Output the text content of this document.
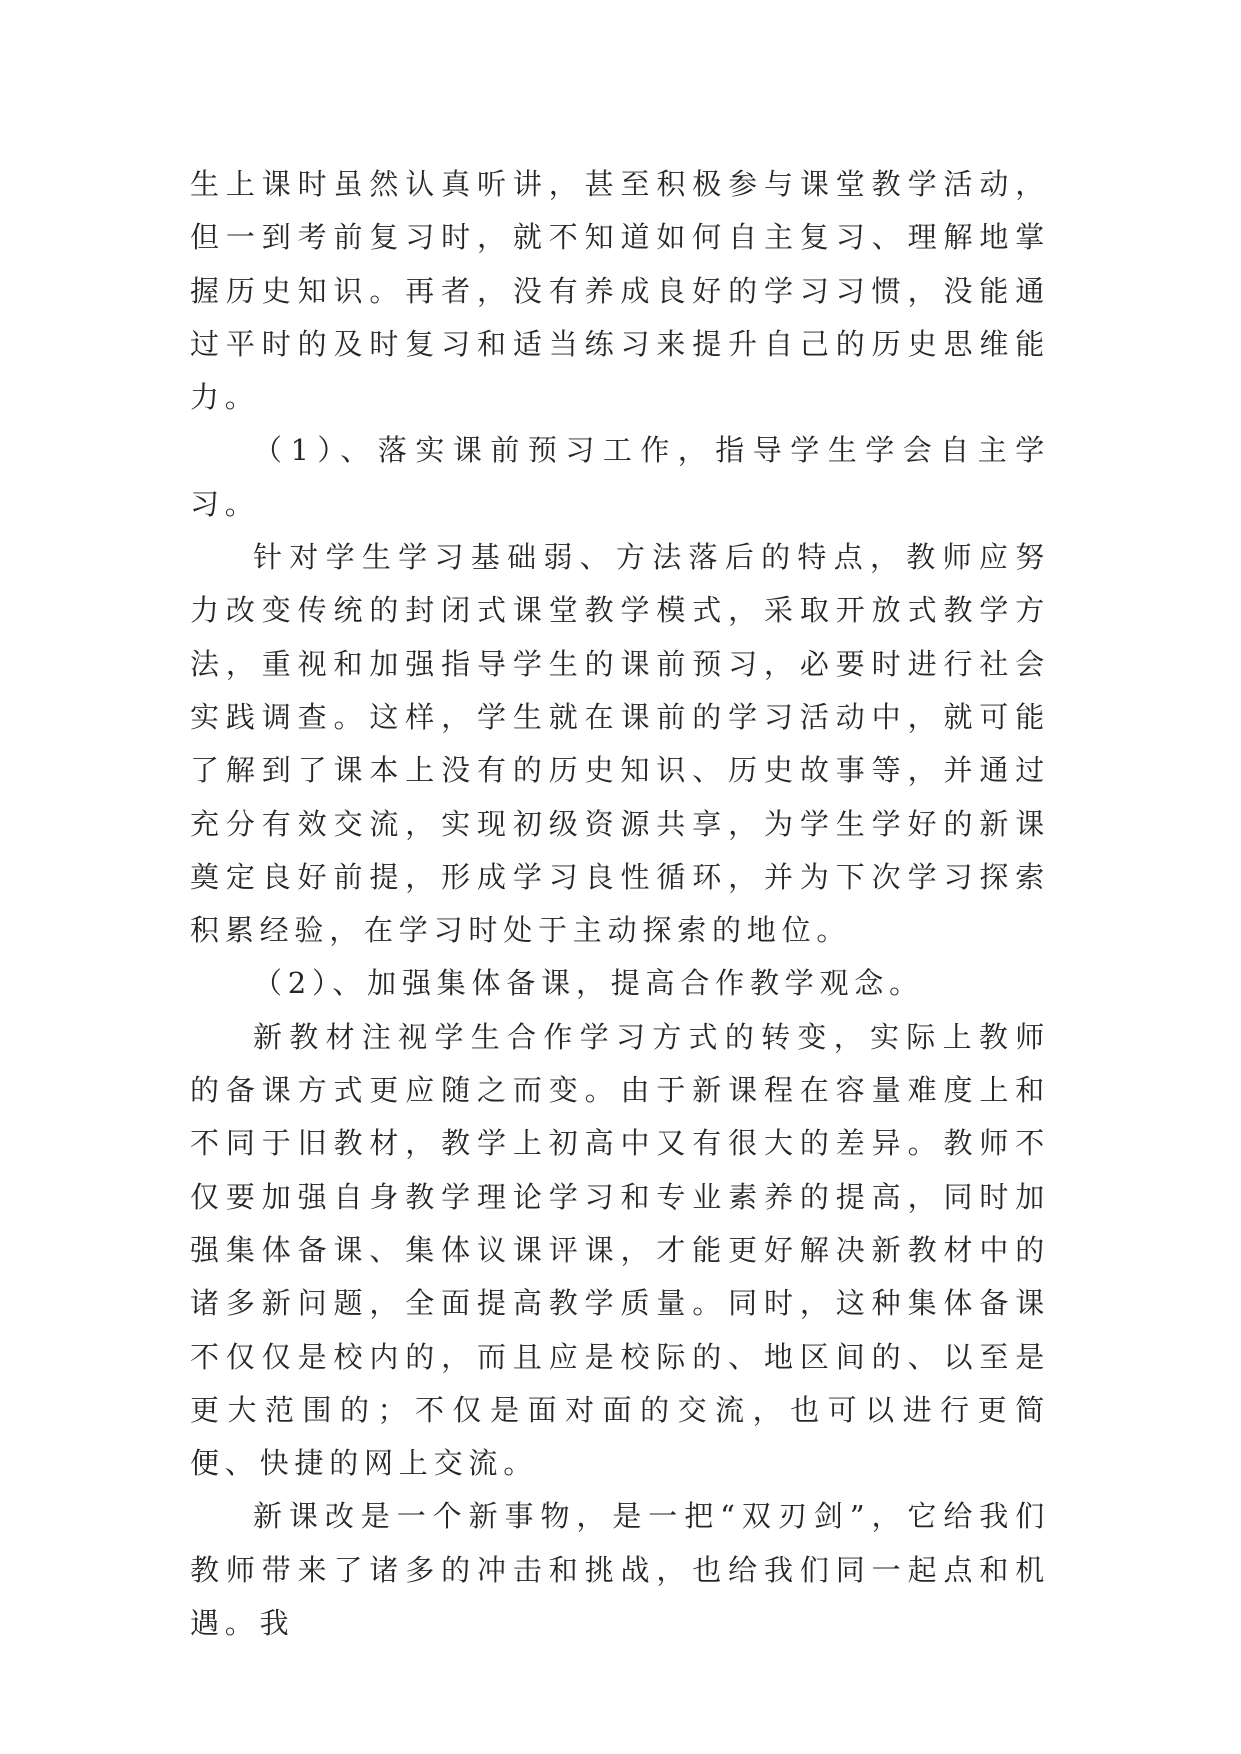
生上课时虽然认真听讲，甚至积极参与课堂教学活动，但一到考前复习时，就不知道如何自主复习、理解地掌握历史知识。再者，没有养成良好的学习习惯，没能通过平时的及时复习和适当练习来提升自己的历史思维能力。

（1）、落实课前预习工作，指导学生学会自主学习。

针对学生学习基础弱、方法落后的特点，教师应努力改变传统的封闭式课堂教学模式，采取开放式教学方法，重视和加强指导学生的课前预习，必要时进行社会实践调查。这样，学生就在课前的学习活动中，就可能了解到了课本上没有的历史知识、历史故事等，并通过充分有效交流，实现初级资源共享，为学生学好的新课奠定良好前提，形成学习良性循环，并为下次学习探索积累经验，在学习时处于主动探索的地位。

（2）、加强集体备课，提高合作教学观念。

新教材注视学生合作学习方式的转变，实际上教师的备课方式更应随之而变。由于新课程在容量难度上和不同于旧教材，教学上初高中又有很大的差异。教师不仅要加强自身教学理论学习和专业素养的提高，同时加强集体备课、集体议课评课，才能更好解决新教材中的诸多新问题，全面提高教学质量。同时，这种集体备课不仅仅是校内的，而且应是校际的、地区间的、以至是更大范围的；不仅是面对面的交流，也可以进行更简便、快捷的网上交流。

新课改是一个新事物，是一把“双刃剑”，它给我们教师带来了诸多的冲击和挑战，也给我们同一起点和机遇。我
